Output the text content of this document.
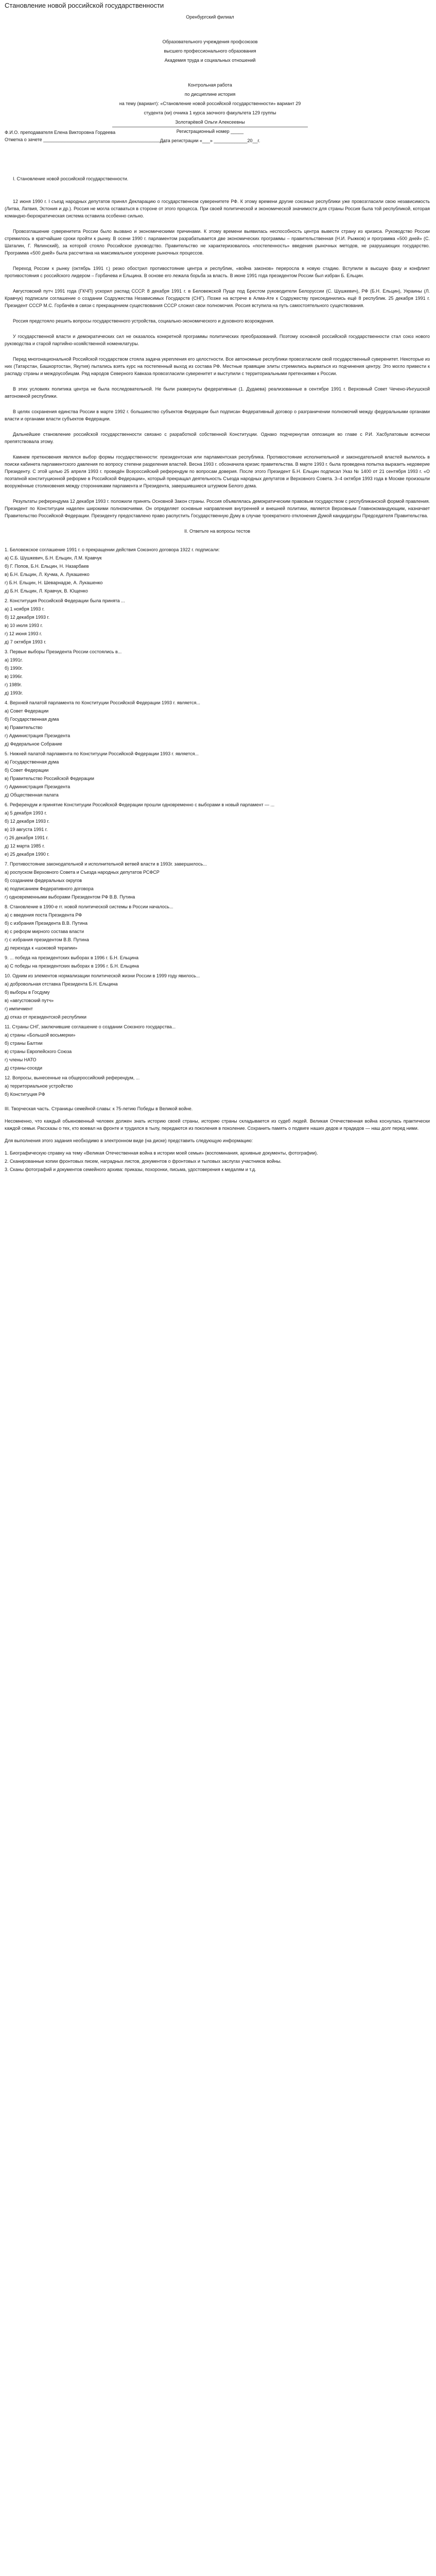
Становление новой российской государственности
Оренбургский филиал
Образовательного учреждения профсоюзов
высшего профессионального образования
Академия труда и социальных отношений
Контрольная работа
по дисциплине история
на тему (вариант): «Становление новой российской государственности» вариант 29
студента (ки) очника 1 курса заочного факультета 129 группы
Золотарёвой Ольги Алексеевны
Регистрационный номер _____
Дата регистрации «___» _____________20__г.
Ф.И.О. преподавателя Елена Викторовна Гордеева
Отметка о зачете ________________________________________________
I. Становление новой российской государственности.

12 июня 1990 г. I съезд народных депутатов принял Декларацию о государственном суверенитете РФ. К этому времени другие союзные республики уже провозгласили свою независимость (Литва, Латвия, Эстония и др.). Россия не могла оставаться в стороне от этого процесса. При своей политической и экономической значимости для страны Россия была той республикой, которая командно-бюрократическая система оставила особенно сильно.

Провозглашение суверенитета России было вызвано и экономическими причинами. К этому времени выявилась неспособность центра вывести страну из кризиса. Руководство России стремилось в кратчайшие сроки пройти к рынку. В осени 1990 г. парламентом разрабатывается две экономических программы – правительственная (Н.И. Рыжков) и программа «500 дней» (С. Шаталин, Г. Явлинский), за которой стояло Российское руководство. Правительство не характеризовалось «постепенность» введения рыночных методов, не разрушающих государство. Программа «500 дней» была рассчитана на максимальное ускорение рыночных процессов.

Переход России к рынку (октябрь 1991 г.) резко обострил противостояние центра и республик, «война законов» переросла в новую стадию. Вступили в высшую фазу и конфликт противостояния с российского лидером – Горбачева и Ельцина. В основе его лежала борьба за власть. В июне 1991 года президентом России был избран Б. Ельцин.

Августовский путч 1991 года (ГКЧП) ускорил распад СССР. 8 декабря 1991 г. в Беловежской Пуще под Брестом руководители Белоруссии (С. Шушкевич), РФ (Б.Н. Ельцин), Украины (Л. Кравчук) подписали соглашение о создании Содружества Независимых Государств (СНГ). Позже на встрече в Алма-Ате к Содружеству присоединились ещё 8 республик. 25 декабря 1991 г. Президент СССР М.С. Горбачёв в связи с прекращением существования СССР сложил свои полномочия. Россия вступила на путь самостоятельного существования.

Россия предстояло решить вопросы государственного устройства, социально-экономического и духовного возрождения.

У государственной власти и демократических сил не оказалось конкретной программы политических преобразований. Поэтому основной российской государственности стал союз нового руководства и старой партийно-хозяйственной номенклатуры.

Перед многонациональной Российской государством стояла задача укрепления его целостности. Все автономные республики провозгласили свой государственный суверенитет. Некоторые из них (Татарстан, Башкортостан, Якутия) пытались взять курс на постепенный выход из состава РФ. Местные правящие элиты стремились вырваться из подчинения центру. Это могло привести к распаду страны и междоусобицам. Ряд народов Северного Кавказа провозгласили суверенитет и выступили с территориальными претензиями к России.

В этих условиях политика центра не была последовательной. Не были развернуты федеративные (1. Дудаева) реализованные в сентябре 1991 г. Верховный Совет Чечено-Ингушской автономной республики.

В целях сохранения единства России в марте 1992 г. большинство субъектов Федерации был подписан Федеративный договор о разграничении полномочий между федеральными органами власти и органами власти субъектов Федерации.

Дальнейшее становление российской государственности связано с разработкой собственной Конституции. Однако подчеркнутая оппозиция во главе с Р.И. Хасбулатовым всячески препятствовала этому.

Камнем преткновения являлся выбор формы государственности: президентская или парламентская республика. Противостояние исполнительной и законодательной властей вылилось в поиски кабинета парламентского давления по вопросу степени разделения властей. Весна 1993 г. обозначила кризис правительства. В марте 1993 г. была проведена попытка выразить недоверие Президенту. С этой целью 25 апреля 1993 г. проведён Всероссийский референдум по вопросам доверия. После этого Президент Б.Н. Ельцин подписал Указ № 1400 от 21 сентября 1993 г. «О поэтапной конституционной реформе в Российской Федерации», который прекращал деятельность Съезда народных депутатов и Верховного Совета. 3–4 октября 1993 года в Москве произошли вооружённые столкновения между сторонниками парламента и Президента, завершившиеся штурмом Белого дома.

Результаты референдума 12 декабря 1993 г. положили принять Основной Закон страны. Россия объявлялась демократическим правовым государством с республиканской формой правления. Президент по Конституции наделен широкими полномочиями. Он определяет основные направления внутренней и внешней политики, является Верховным Главнокомандующим, назначает Правительство Российской Федерации. Президенту предоставлено право распустить Государственную Думу в случае троекратного отклонения Думой кандидатуры Председателя Правительства.

II. Ответьте на вопросы тестов
1. Беловежское соглашение 1991 г. о прекращении действия Союзного договора 1922 г. подписали:
а) С.Б. Шушкевич, Б.Н. Ельцин, Л.М. Кравчук
б) Г. Попов, Б.Н. Ельцин, Н. Назарбаев
в) Б.Н. Ельцин, Л. Кучма, А. Лукашенко
г) Б.Н. Ельцин, Н. Шеварнадзе, А. Лукашенко
д) Б.Н. Ельцин, Л. Кравчук, В. Ющенко
2. Конституция Российской Федерации была принята ...
а) 1 ноября 1993 г.
б) 12 декабря 1993 г.
в) 10 июля 1993 г.
г) 12 июня 1993 г.
д) 7 октября 1993 г.
3. Первые выборы Президента России состоялись в...
а) 1991г.
б) 1990г.
в) 1996г.
г) 1989г.
д) 1993г.
4. Верхней палатой парламента по Конституции Российской Федерации 1993 г. является...
а) Совет Федерации
б) Государственная дума
в) Правительство
г) Администрация Президента
д) Федеральное Собрание
5. Нижней палатой парламента по Конституции Российской Федерации 1993 г. является...
а) Государственная дума
б) Совет Федерации
в) Правительство Российской Федерации
г) Администрация Президента
д) Общественная палата
6. Референдум и принятие Конституции Российской Федерации прошли одновременно с выборами в новый парламент — ...
а) 5 декабря 1993 г.
б) 12 декабря 1993 г.
в) 19 августа 1991 г.
г) 26 декабря 1991 г.
д) 12 марта 1985 г.
е) 25 декабря 1990 г.
7. Противостояние законодательной и исполнительной ветвей власти в 1993г. завершилось...
а) роспуском Верховного Совета и Съезда народных депутатов РСФСР
б) созданием федеральных округов
в) подписанием Федеративного договора
г) одновременными выборами Президентом РФ В.В. Путина
8. Становление в 1990-е гг. новой политической системы в России началось...
а) с введения поста Президента РФ
б) с избрания Президента В.В. Путина
в) с реформ мирного состава власти
г) с избрания президентом В.В. Путина
д) перехода к «шоковой терапии»
9. ... победа на президентских выборах в 1996 г. Б.Н. Ельцина
а) С победы на президентских выборах в 1996 г. Б.Н. Ельцина
10. Одним из элементов нормализации политической жизни России в 1999 году явилось...
а) добровольная отставка Президента Б.Н. Ельцина
б) выборы в Госдуму
в) «августовский путч»
г) импичмент
д) отказ от президентской республики
11. Страны СНГ, заключившие соглашение о создании Союзного государства...
а) страны «Большой восьмерки»
б) страны Балтии
в) страны Европейского Союза
г) члены НАТО
д) страны-соседи
12. Вопросы, вынесенные на общероссийский референдум, ...
а) территориальное устройство
б) Конституция РФ

III. Творческая часть. Страницы семейной славы: к 75-летию Победы в Великой войне.

Несомненно, что каждый обыкновенный человек должен знать историю своей страны, историю страны складывается из судеб людей. Великая Отечественная война коснулась практически каждой семьи. Рассказы о тех, кто воевал на фронте и трудился в тылу, передаются из поколения в поколение. Сохранить память о подвиге наших дедов и прадедов — наш долг перед ними.

Для выполнения этого задания необходимо в электронном виде (на диске) представить следующую информацию:

1. Биографическую справку на тему «Великая Отечественная война в истории моей семьи» (воспоминания, архивные документы, фотографии).
2. Сканированные копии фронтовых писем, наградных листов, документов о фронтовых и тыловых заслугах участников войны.
3. Сканы фотографий и документов семейного архива: приказы, похоронки, письма, удостоверения к медалям и т.д.
